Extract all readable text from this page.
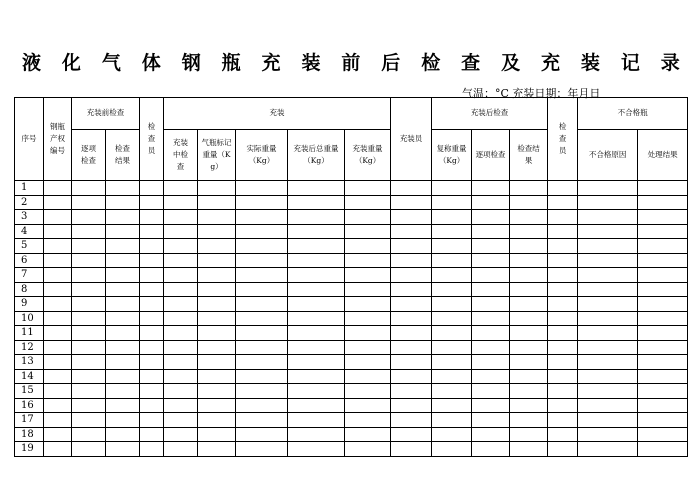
液 化 气 体 钢 瓶 充 装 前 后 检 查 及 充 装 记 录
气温：°C 充装日期：年月日
序号	钢瓶产权编号	充装前检查		检查员	充装					充装员	充装后检查			检查员	不合格瓶	
		逐项检查	检查结果		充装中检查	气瓶标记重量（Kg）	实际重量（Kg）	充装后总重量（Kg）	充装重量（Kg）		复称重量（Kg）	逐项检查	检查结果		不合格原因	处理结果
1																
2																
3																
4																
5																
6																
7																
8																
9																
10																
11																
12																
13																
14																
15																
16																
17																
18																
19																
